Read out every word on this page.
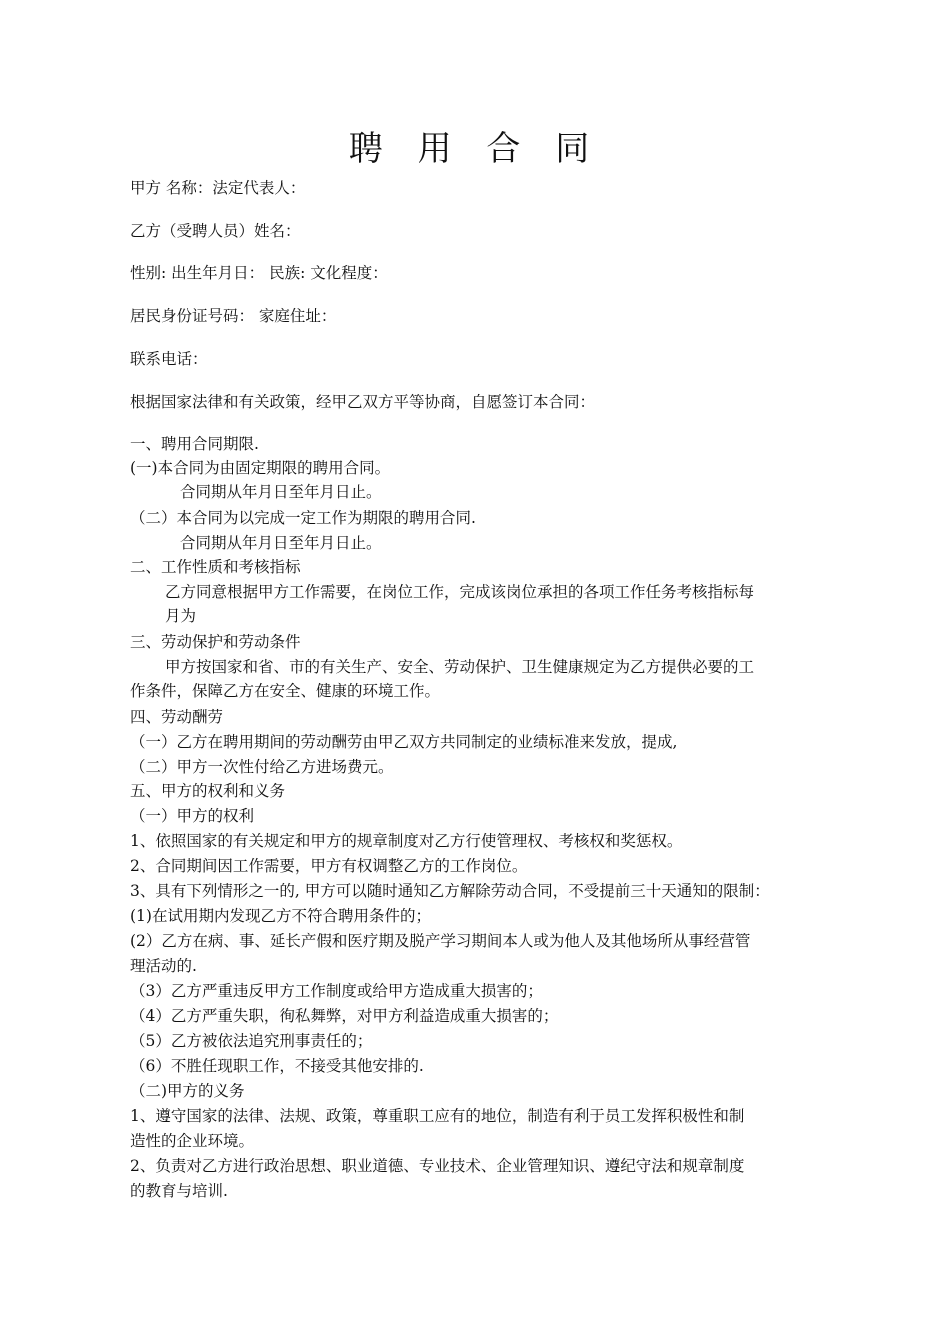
聘 用 合 同
甲方 名称：法定代表人：
乙方（受聘人员）姓名：
性别: 出生年月日： 民族: 文化程度：
居民身份证号码： 家庭住址：
联系电话：
根据国家法律和有关政策，经甲乙双方平等协商，自愿签订本合同：
一、聘用合同期限.
(一)本合同为由固定期限的聘用合同。
合同期从年月日至年月日止。
（二）本合同为以完成一定工作为期限的聘用合同.
合同期从年月日至年月日止。
二、工作性质和考核指标
乙方同意根据甲方工作需要，在岗位工作，完成该岗位承担的各项工作任务考核指标每
月为
三、劳动保护和劳动条件
甲方按国家和省、市的有关生产、安全、劳动保护、卫生健康规定为乙方提供必要的工
作条件，保障乙方在安全、健康的环境工作。
四、劳动酬劳
（一）乙方在聘用期间的劳动酬劳由甲乙双方共同制定的业绩标准来发放，提成,
（二）甲方一次性付给乙方进场费元。
五、甲方的权利和义务
（一）甲方的权利
1、依照国家的有关规定和甲方的规章制度对乙方行使管理权、考核权和奖惩权。
2、合同期间因工作需要，甲方有权调整乙方的工作岗位。
3、具有下列情形之一的, 甲方可以随时通知乙方解除劳动合同，不受提前三十天通知的限制：
(1)在试用期内发现乙方不符合聘用条件的；
(2）乙方在病、事、延长产假和医疗期及脱产学习期间本人或为他人及其他场所从事经营管
理活动的.
（3）乙方严重违反甲方工作制度或给甲方造成重大损害的；
（4）乙方严重失职，徇私舞弊，对甲方利益造成重大损害的；
（5）乙方被依法追究刑事责任的；
（6）不胜任现职工作，不接受其他安排的.
（二)甲方的义务
1、遵守国家的法律、法规、政策，尊重职工应有的地位，制造有利于员工发挥积极性和制
造性的企业环境。
2、负责对乙方进行政治思想、职业道德、专业技术、企业管理知识、遵纪守法和规章制度
的教育与培训.
